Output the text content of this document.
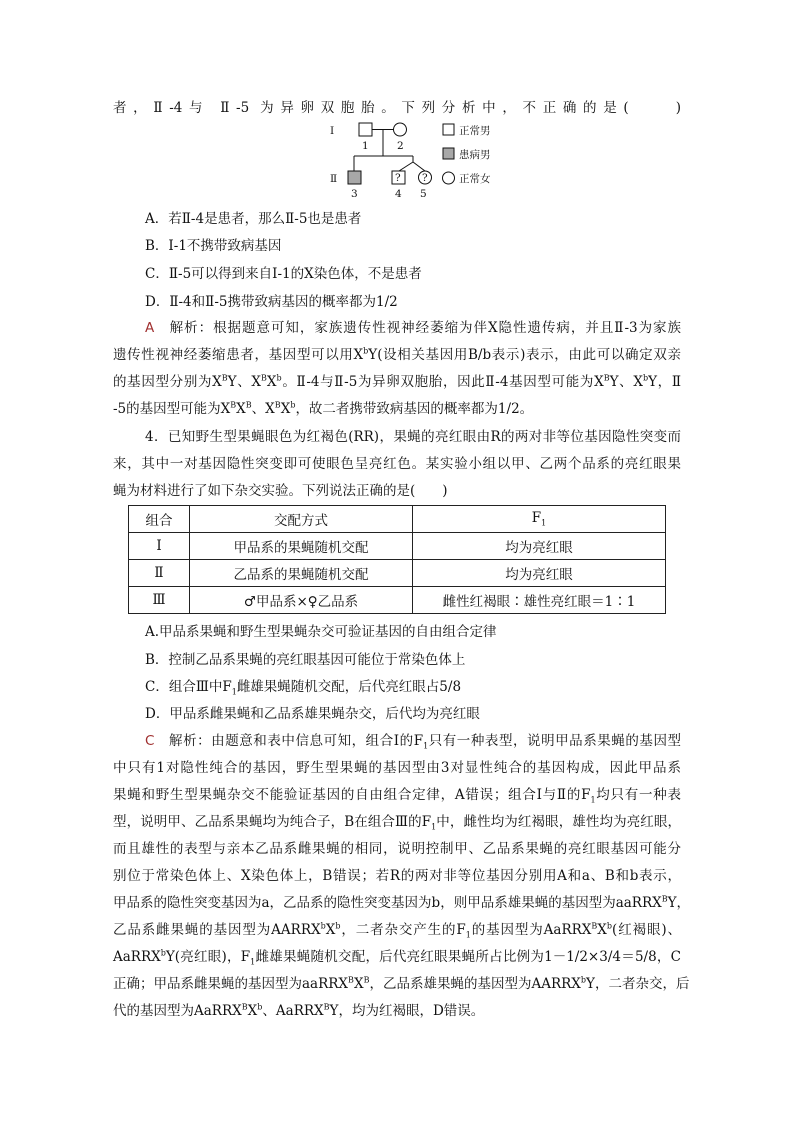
者，Ⅱ-4与 Ⅱ-5 为异卵双胞胎。下列分析中，不正确的是(　　)
Ⅰ
Ⅱ
1	2
? ?
3	4 5
正常男
患病男
正常女
A．若Ⅱ-4是患者，那么Ⅱ-5也是患者
B．Ⅰ-1不携带致病基因
C．Ⅱ-5可以得到来自Ⅰ-1的X染色体，不是患者
D．Ⅱ-4和Ⅱ-5携带致病基因的概率都为1/2
A　 解析：根据题意可知，家族遗传性视神经萎缩为伴X隐性遗传病，并且Ⅱ-3为家族
遗传性视神经萎缩患者，基因型可以用$X^bY$(设相关基因用B/b表示)表示，由此可以确定双亲
的基因型分别为$X^BY$、$X^BX^b$。Ⅱ-4与Ⅱ-5为异卵双胞胎，因此Ⅱ-4基因型可能为$X^BY$、$X^bY$，Ⅱ
-5的基因型可能为$X^BX^B$、$X^BX^b$，故二者携带致病基因的概率都为1/2。
4．已知野生型果蝇眼色为红褐色(RR)，果蝇的亮红眼由R的两对非等位基因隐性突变而
来，其中一对基因隐性突变即可使眼色呈亮红色。某实验小组以甲、乙两个品系的亮红眼果
蝇为材料进行了如下杂交实验。下列说法正确的是(　　)
组合	交配方式	$F_1$
Ⅰ	甲品系的果蝇随机交配	均为亮红眼
Ⅱ	乙品系的果蝇随机交配	均为亮红眼
Ⅲ	♂甲品系×♀乙品系	雌性红褐眼∶雄性亮红眼＝1∶1
A.甲品系果蝇和野生型果蝇杂交可验证基因的自由组合定律
B．控制乙品系果蝇的亮红眼基因可能位于常染色体上
C．组合Ⅲ中$F_1$雌雄果蝇随机交配，后代亮红眼占5/8
D．甲品系雌果蝇和乙品系雄果蝇杂交，后代均为亮红眼
C　 解析：由题意和表中信息可知，组合Ⅰ的$F_1$只有一种表型，说明甲品系果蝇的基因型
中只有1对隐性纯合的基因，野生型果蝇的基因型由3对显性纯合的基因构成，因此甲品系
果蝇和野生型果蝇杂交不能验证基因的自由组合定律，A错误；组合Ⅰ与Ⅱ的$F_1$均只有一种表
型，说明甲、乙品系果蝇均为纯合子，B在组合Ⅲ的$F_1$中，雌性均为红褐眼，雄性均为亮红眼，
而且雄性的表型与亲本乙品系雌果蝇的相同，说明控制甲、乙品系果蝇的亮红眼基因可能分
别位于常染色体上、X染色体上，B错误；若R的两对非等位基因分别用A和a、B和b表示，
甲品系的隐性突变基因为a，乙品系的隐性突变基因为b，则甲品系雄果蝇的基因型为aaRRX$^B$Y，
乙品系雌果蝇的基因型为$AARRX^bX^b$，二者杂交产生的$F_1$的基因型为$AaRRX^BX^b$(红褐眼)、
AaRRX$^b$Y(亮红眼)，$F_1$雌雄果蝇随机交配，后代亮红眼果蝇所占比例为1－1/2×3/4＝5/8，C
正确；甲品系雌果蝇的基因型为$aaRRX^BX^B$，乙品系雄果蝇的基因型为AARRX$^b$Y，二者杂交，后
代的基因型为$AaRRX^BX^b$、AaRRX$^B$Y，均为红褐眼，D错误。
